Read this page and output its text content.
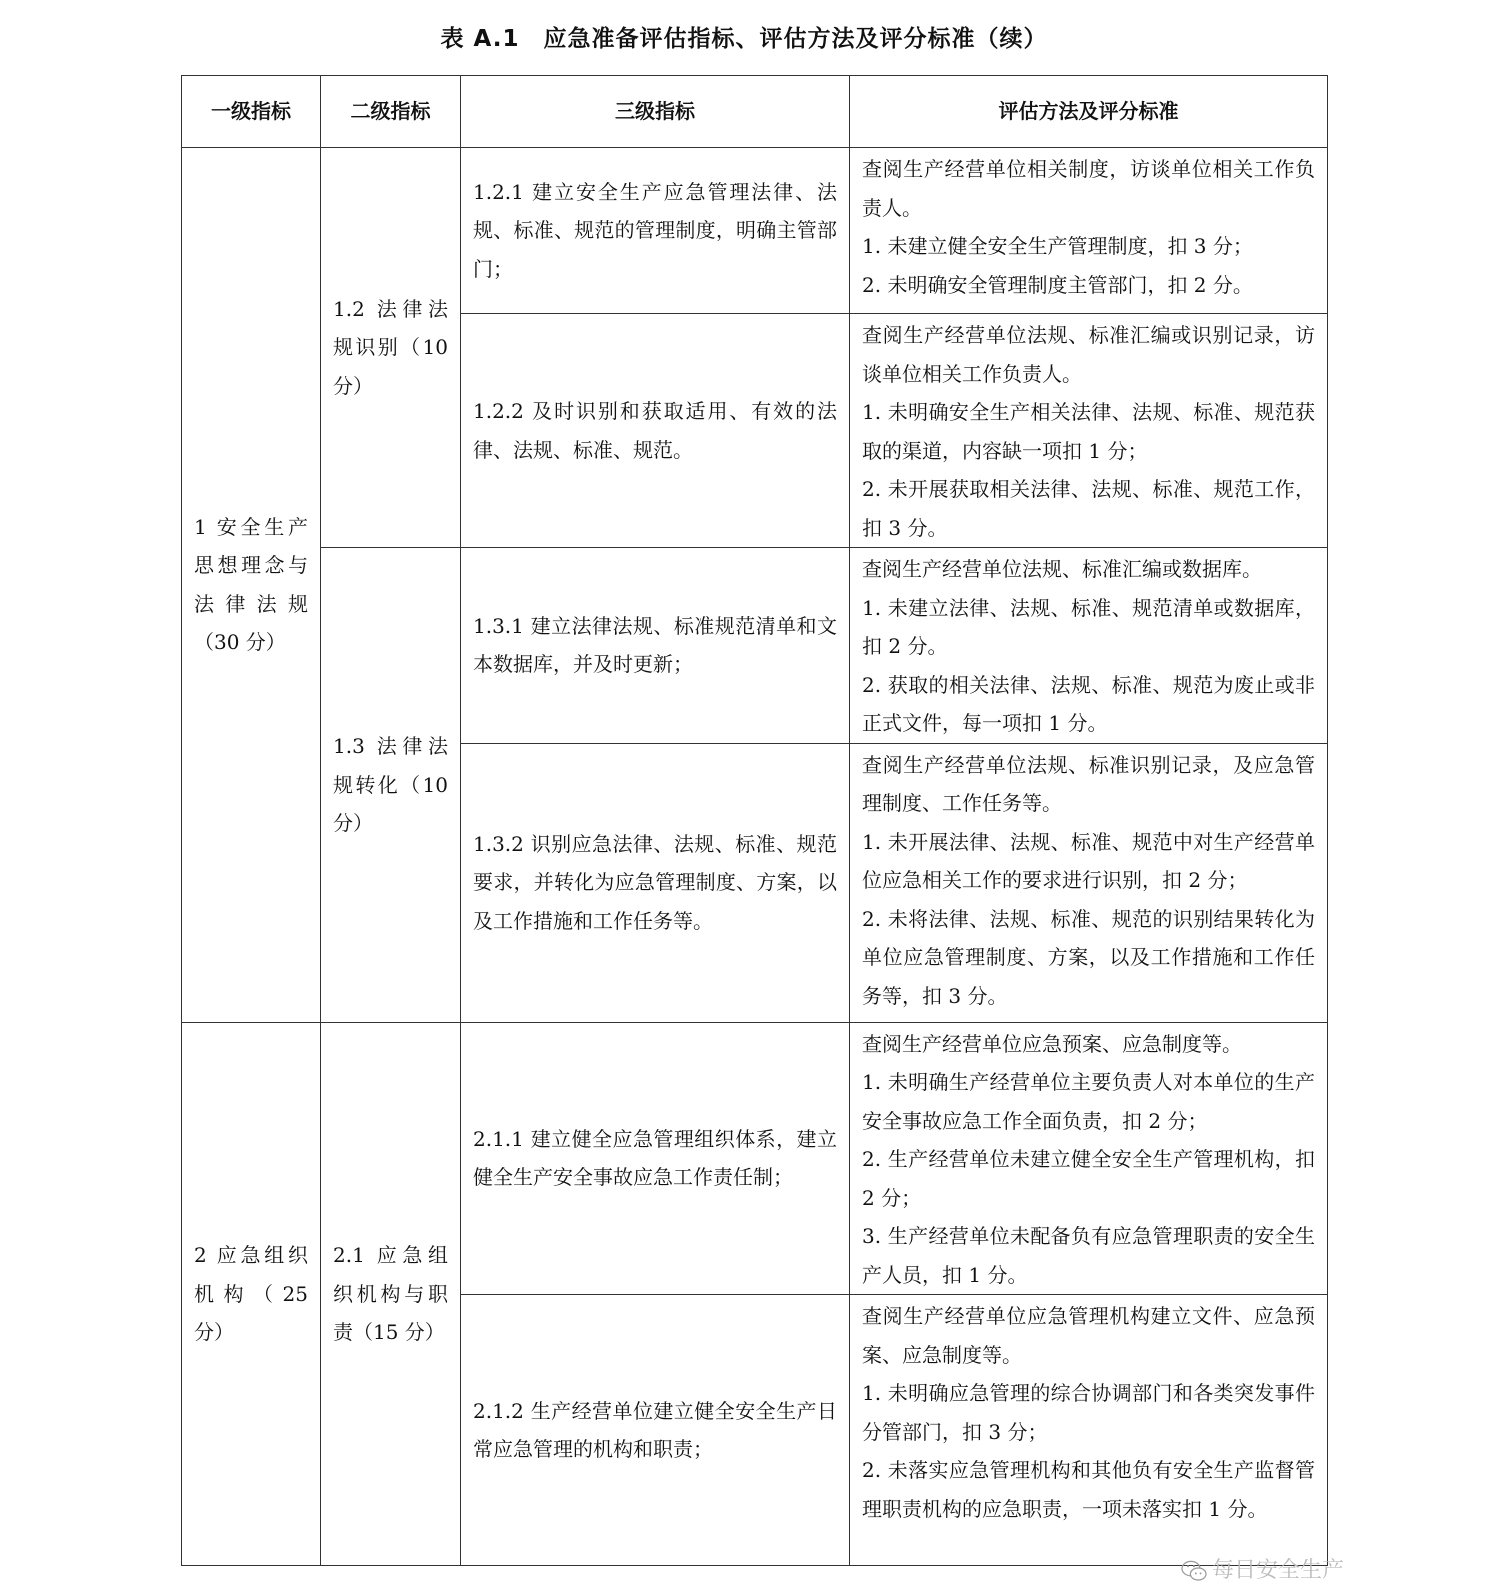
表 A.1　应急准备评估指标、评估方法及评分标准（续）
一级指标	二级指标	三级指标	评估方法及评分标准
1 安全生产思想理念与法律法规（30 分）	1.2 法律法规识别（10 分）	1.2.1 建立安全生产应急管理法律、法规、标准、规范的管理制度，明确主管部门；	查阅生产经营单位相关制度，访谈单位相关工作负责人。
1. 未建立健全安全生产管理制度，扣 3 分；
2. 未明确安全管理制度主管部门，扣 2 分。

		1.2.2 及时识别和获取适用、有效的法律、法规、标准、规范。	查阅生产经营单位法规、标准汇编或识别记录，访谈单位相关工作负责人。
1. 未明确安全生产相关法律、法规、标准、规范获取的渠道，内容缺一项扣 1 分；
2. 未开展获取相关法律、法规、标准、规范工作，扣 3 分。

	1.3 法律法规转化（10 分）	1.3.1 建立法律法规、标准规范清单和文本数据库，并及时更新；	查阅生产经营单位法规、标准汇编或数据库。
1. 未建立法律、法规、标准、规范清单或数据库，扣 2 分。
2. 获取的相关法律、法规、标准、规范为废止或非正式文件，每一项扣 1 分。

		1.3.2 识别应急法律、法规、标准、规范要求，并转化为应急管理制度、方案，以及工作措施和工作任务等。	查阅生产经营单位法规、标准识别记录，及应急管理制度、工作任务等。
1. 未开展法律、法规、标准、规范中对生产经营单位应急相关工作的要求进行识别，扣 2 分；
2. 未将法律、法规、标准、规范的识别结果转化为单位应急管理制度、方案，以及工作措施和工作任务等，扣 3 分。

2 应急组织机构（25 分）	2.1 应急组织机构与职责（15 分）	2.1.1 建立健全应急管理组织体系，建立健全生产安全事故应急工作责任制；	查阅生产经营单位应急预案、应急制度等。
1. 未明确生产经营单位主要负责人对本单位的生产安全事故应急工作全面负责，扣 2 分；
2. 生产经营单位未建立健全安全生产管理机构，扣 2 分；
3. 生产经营单位未配备负有应急管理职责的安全生产人员，扣 1 分。

		2.1.2 生产经营单位建立健全安全生产日常应急管理的机构和职责；	查阅生产经营单位应急管理机构建立文件、应急预案、应急制度等。
1. 未明确应急管理的综合协调部门和各类突发事件分管部门，扣 3 分；
2. 未落实应急管理机构和其他负有安全生产监督管理职责机构的应急职责，一项未落实扣 1 分。
每日安全生产
